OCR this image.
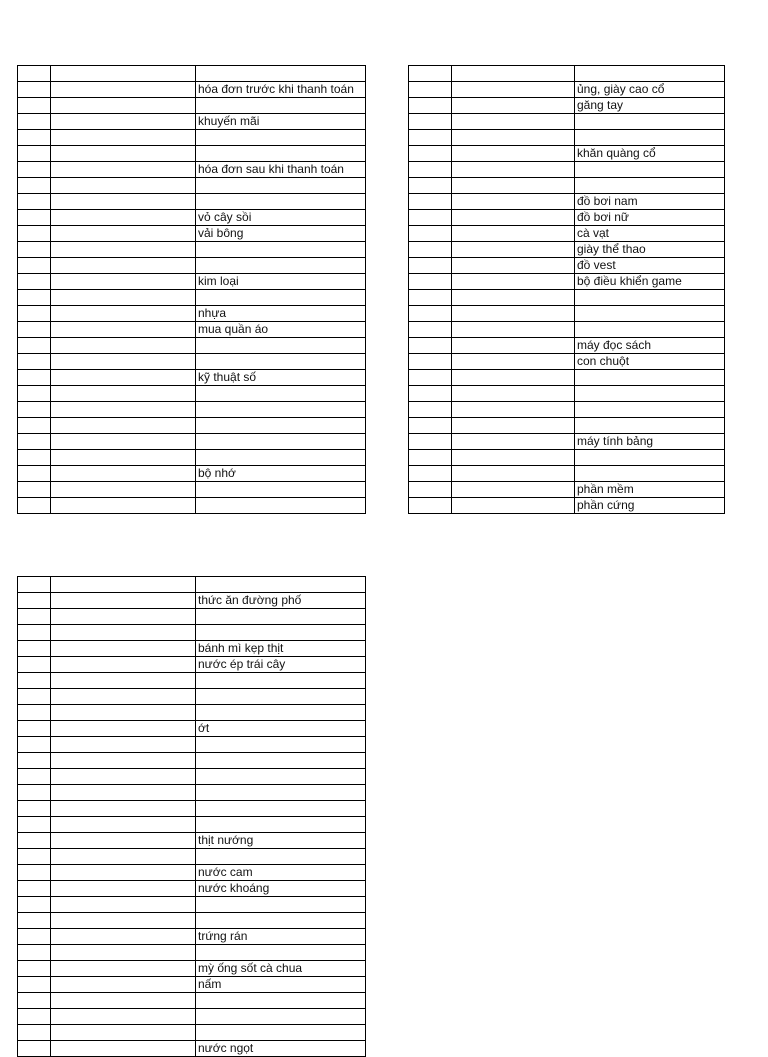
		hóa đơn trước khi thanh toán

		khuyến mãi

		hóa đơn sau khi thanh toán

		vỏ cây sồi
		vải bông

		kim loại

		nhựa
		mua quần áo

		kỹ thuật số

		bộ nhớ

		ủng, giày cao cổ
		găng tay

		khăn quàng cổ

		đồ bơi nam
		đồ bơi nữ
		cà vạt
		giày thể thao
		đồ vest
		bộ điều khiển game

		máy đọc sách
		con chuột

		máy tính bảng

		phần mềm
		phần cứng

		thức ăn đường phố

		bánh mì kẹp thịt
		nước ép trái cây

		ớt

		thịt nướng

		nước cam
		nước khoáng

		trứng rán

		mỳ ống sốt cà chua
		nấm

		nước ngọt
